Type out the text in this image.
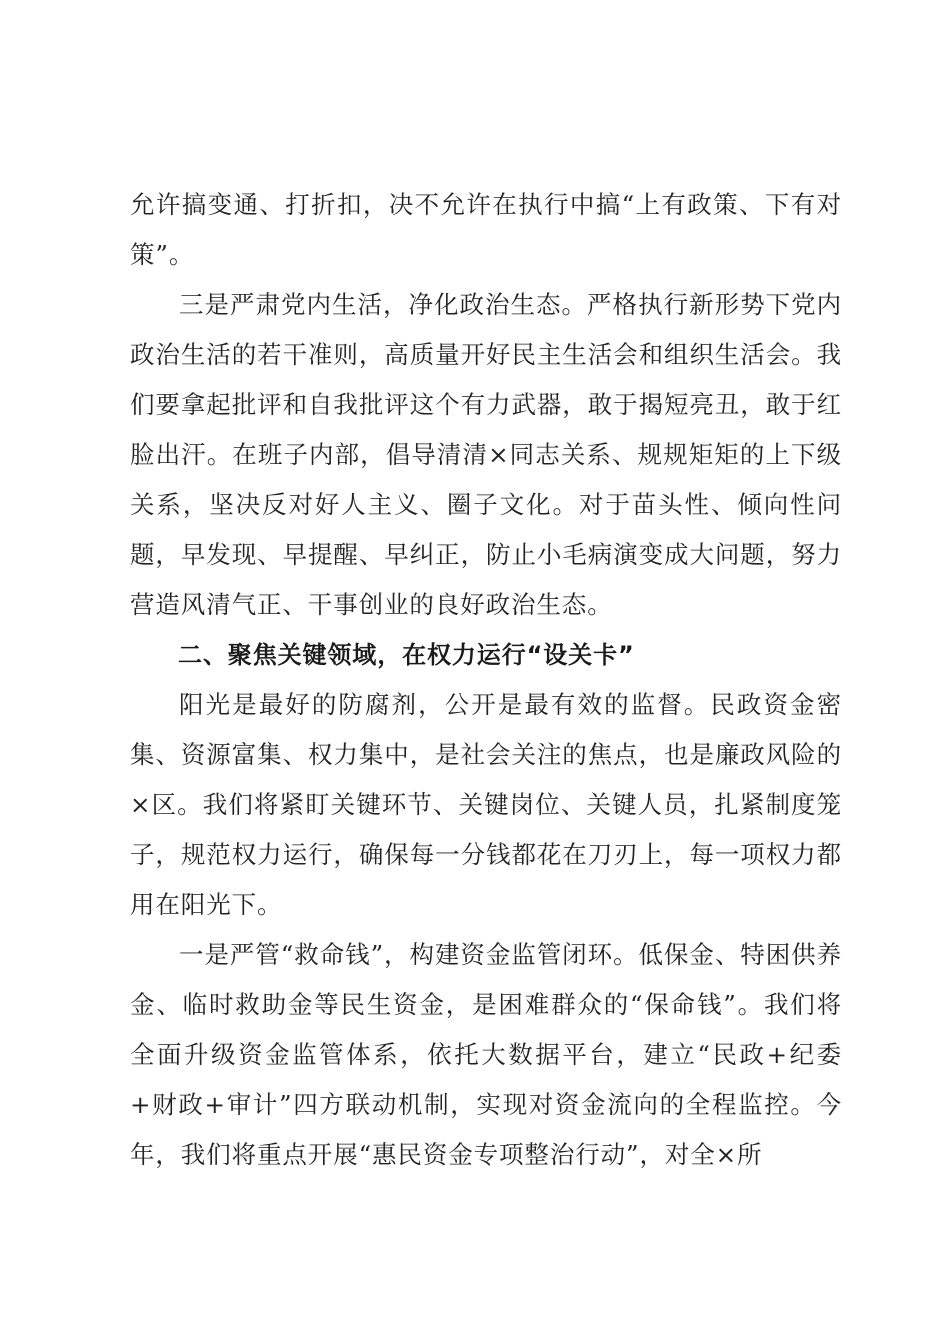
允许搞变通、打折扣，决不允许在执行中搞“上有政策、下有对策”。

三是严肃党内生活，净化政治生态。严格执行新形势下党内政治生活的若干准则，高质量开好民主生活会和组织生活会。我们要拿起批评和自我批评这个有力武器，敢于揭短亮丑，敢于红脸出汗。在班子内部，倡导清清×同志关系、规规矩矩的上下级关系，坚决反对好人主义、圈子文化。对于苗头性、倾向性问题，早发现、早提醒、早纠正，防止小毛病演变成大问题，努力营造风清气正、干事创业的良好政治生态。

二、聚焦关键领域，在权力运行“设关卡”

阳光是最好的防腐剂，公开是最有效的监督。民政资金密集、资源富集、权力集中，是社会关注的焦点，也是廉政风险的×区。我们将紧盯关键环节、关键岗位、关键人员，扎紧制度笼子，规范权力运行，确保每一分钱都花在刀刃上，每一项权力都用在阳光下。

一是严管“救命钱”，构建资金监管闭环。低保金、特困供养金、临时救助金等民生资金，是困难群众的“保命钱”。我们将全面升级资金监管体系，依托大数据平台，建立“民政+纪委+财政+审计”四方联动机制，实现对资金流向的全程监控。今年，我们将重点开展“惠民资金专项整治行动”，对全×所
